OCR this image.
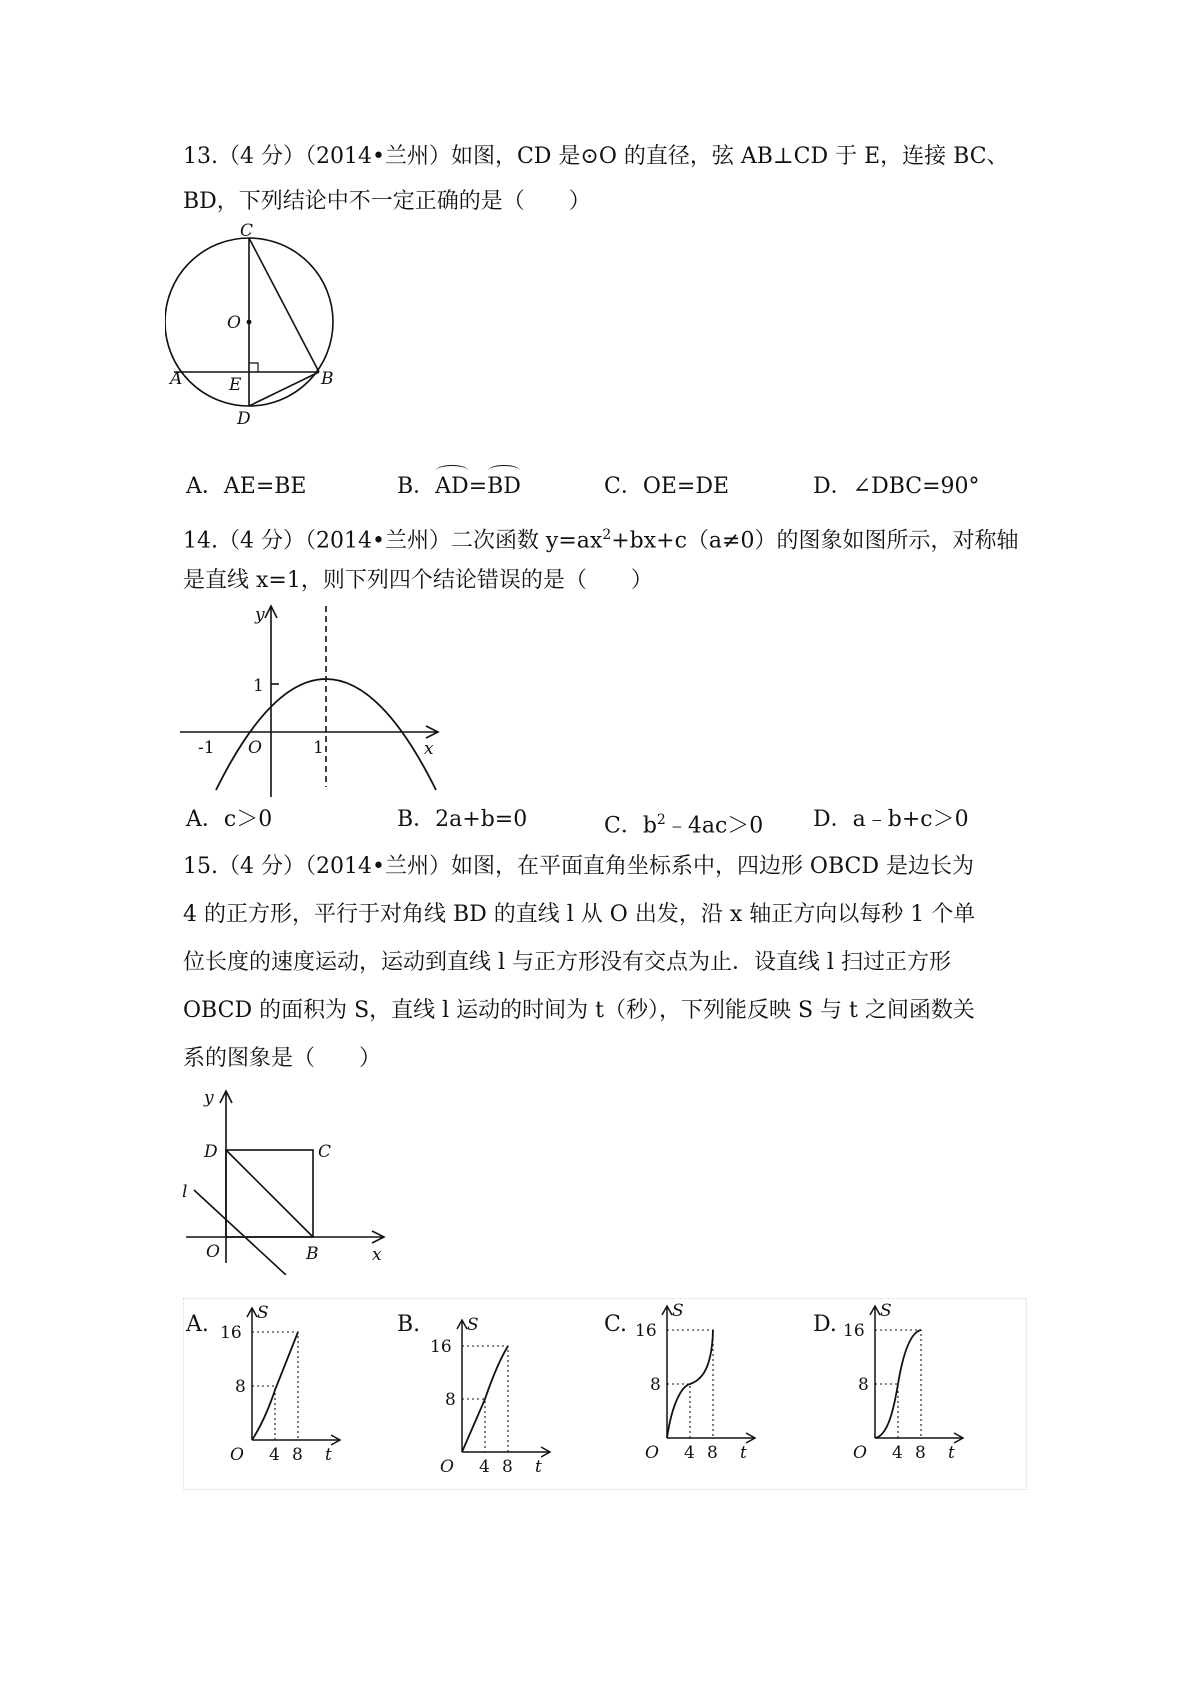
13.（4 分）（2014•兰州）如图，CD 是⊙O 的直径，弦 AB⊥CD 于 E，连接 BC、
BD，下列结论中不一定正确的是（　　）
C
O
A	E	B
D
A．AE=BE	B．AD=BD	C．OE=DE	D．∠DBC=90°
14.（4 分）（2014•兰州）二次函数 $y=ax^2+bx+c(a\ne 0)$的图象如图所示，对称轴
是直线 x=1，则下列四个结论错误的是（　　）
y
1
-1 O	1	x
A．c＞0	B．2a+b=0	C．$b^2﹣4ac>0$ D．a﹣b+c＞0
15.（4 分）（2014•兰州）如图，在平面直角坐标系中，四边形 OBCD 是边长为
4 的正方形，平行于对角线 BD 的直线 l 从 O 出发，沿 x 轴正方向以每秒 1 个单
位长度的速度运动，运动到直线 l 与正方形没有交点为止．设直线 l 扫过正方形
OBCD 的面积为 S，直线 l 运动的时间为 t（秒），下列能反映 S 与 t 之间函数关
系的图象是（　　）
y
D	C
l
O	B	x
A.	S
16
8
O 4 8 t
B.	S
16
8
O 4 8 t
C.
S
16
8
O 4 8 t
D.
S
16
8
O 4 8 t
